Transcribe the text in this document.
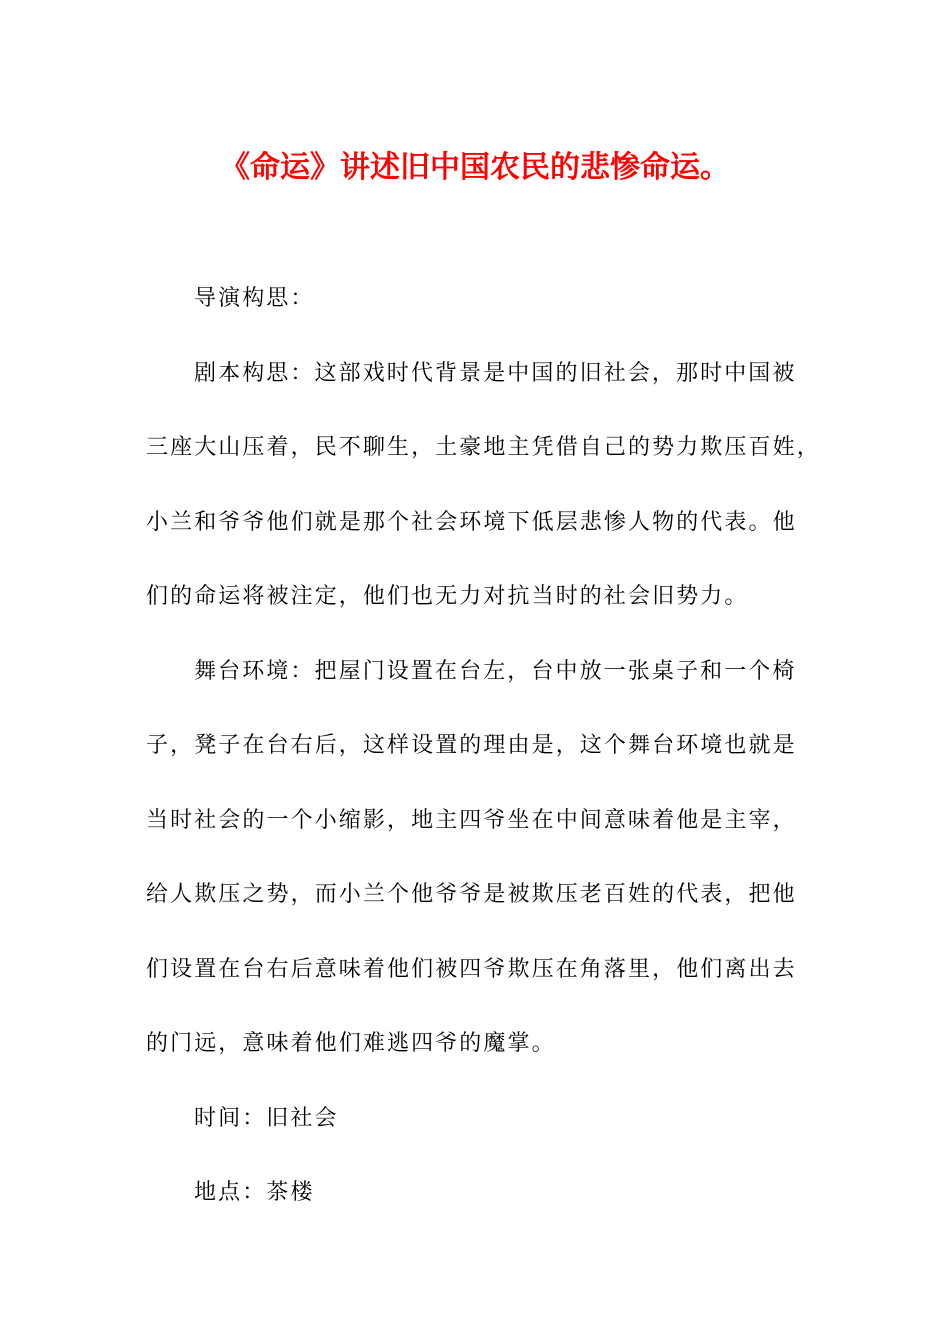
《命运》讲述旧中国农民的悲惨命运。
导演构思：
剧本构思：这部戏时代背景是中国的旧社会，那时中国被
三座大山压着，民不聊生，土豪地主凭借自己的势力欺压百姓，
小兰和爷爷他们就是那个社会环境下低层悲惨人物的代表。他
们的命运将被注定，他们也无力对抗当时的社会旧势力。
舞台环境：把屋门设置在台左，台中放一张桌子和一个椅
子，凳子在台右后，这样设置的理由是，这个舞台环境也就是
当时社会的一个小缩影，地主四爷坐在中间意味着他是主宰，
给人欺压之势，而小兰个他爷爷是被欺压老百姓的代表，把他
们设置在台右后意味着他们被四爷欺压在角落里，他们离出去
的门远，意味着他们难逃四爷的魔掌。
时间：旧社会
地点：茶楼
